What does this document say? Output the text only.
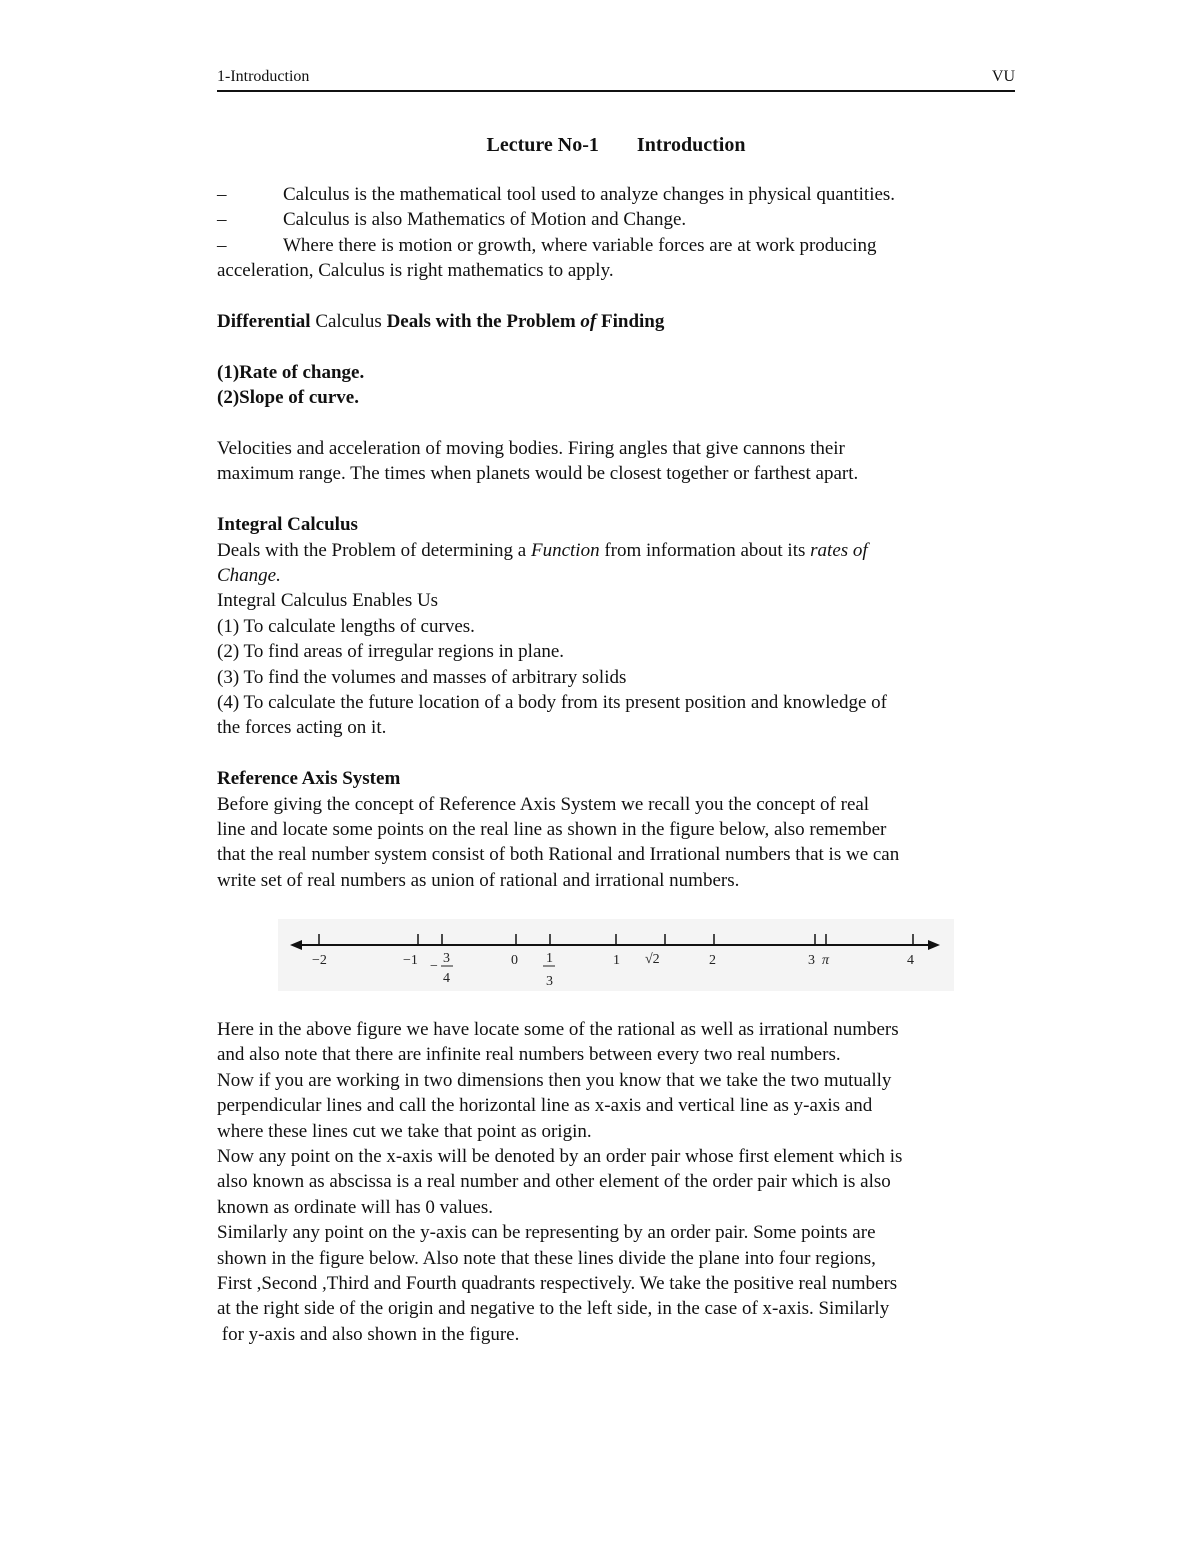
1-Introduction	VU
Lecture No-1 Introduction

–	Calculus is the mathematical tool used to analyze changes in physical quantities.

–	Calculus is also Mathematics of Motion and Change.

–	Where there is motion or growth, where variable forces are at work producing

acceleration, Calculus is right mathematics to apply.

Differential Calculus Deals with the Problem of Finding

(1)Rate of change.

(2)Slope of curve.

Velocities and acceleration of moving bodies. Firing angles that give cannons their

maximum range. The times when planets would be closest together or farthest apart.

Integral Calculus

Deals with the Problem of determining a Function from information about its rates of

Change.

Integral Calculus Enables Us

(1) To calculate lengths of curves.

(2) To find areas of irregular regions in plane.

(3) To find the volumes and masses of arbitrary solids

(4) To calculate the future location of a body from its present position and knowledge of

the forces acting on it.

Reference Axis System

Before giving the concept of Reference Axis System we recall you the concept of real

line and locate some points on the real line as shown in the figure below, also remember

that the real number system consist of both Rational and Irrational numbers that is we can

write set of real numbers as union of rational and irrational numbers.

−2	−1 −
3
4
0 1
3
1 √2	2	3 π	4

Here in the above figure we have locate some of the rational as well as irrational numbers

and also note that there are infinite real numbers between every two real numbers.

Now if you are working in two dimensions then you know that we take the two mutually

perpendicular lines and call the horizontal line as x-axis and vertical line as y-axis and

where these lines cut we take that point as origin.

Now any point on the x-axis will be denoted by an order pair whose first element which is

also known as abscissa is a real number and other element of the order pair which is also

known as ordinate will has 0 values.

Similarly any point on the y-axis can be representing by an order pair. Some points are

shown in the figure below. Also note that these lines divide the plane into four regions,

First ,Second ,Third and Fourth quadrants respectively. We take the positive real numbers

at the right side of the origin and negative to the left side, in the case of x-axis. Similarly

for y-axis and also shown in the figure.
